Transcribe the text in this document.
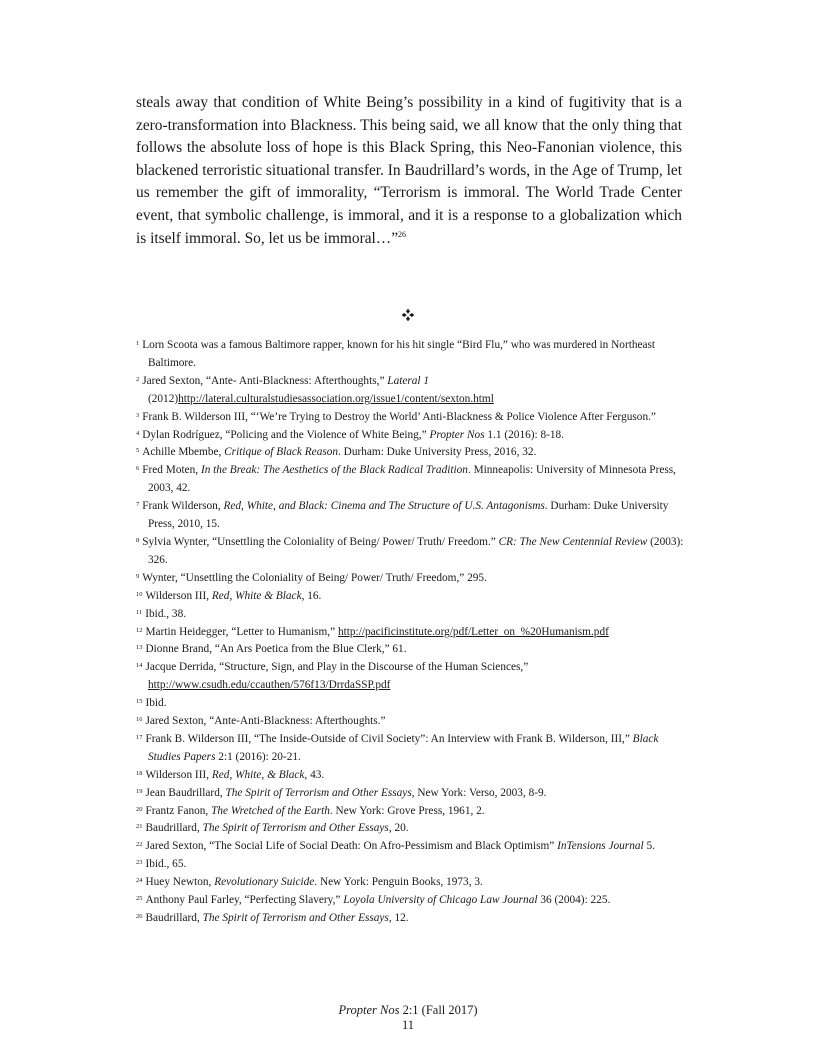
steals away that condition of White Being’s possibility in a kind of fugitivity that is a zero-transformation into Blackness. This being said, we all know that the only thing that follows the absolute loss of hope is this Black Spring, this Neo-Fanonian violence, this blackened terroristic situational transfer. In Baudrillard’s words, in the Age of Trump, let us remember the gift of immorality, “Terrorism is immoral. The World Trade Center event, that symbolic challenge, is immoral, and it is a response to a globalization which is itself immoral. So, let us be immoral…”$^{26}$

$^1$ Lorn Scoota was a famous Baltimore rapper, known for his hit single “Bird Flu,” who was murdered in Northeast Baltimore.

$^2$ Jared Sexton, “Ante- Anti-Blackness: Afterthoughts,” Lateral 1 (2012)http://lateral.culturalstudiesassociation.org/issue1/content/sexton.html

$^3$ Frank B. Wilderson III, “‘We’re Trying to Destroy the World’ Anti-Blackness & Police Violence After Ferguson.”

$^4$ Dylan Rodríguez, “Policing and the Violence of White Being,” Propter Nos 1.1 (2016): 8-18.

$^5$ Achille Mbembe, Critique of Black Reason. Durham: Duke University Press, 2016, 32.

$^6$ Fred Moten, In the Break: The Aesthetics of the Black Radical Tradition. Minneapolis: University of Minnesota Press, 2003, 42.

$^7$ Frank Wilderson, Red, White, and Black: Cinema and The Structure of U.S. Antagonisms. Durham: Duke University Press, 2010, 15.

$^8$ Sylvia Wynter, “Unsettling the Coloniality of Being/ Power/ Truth/ Freedom.” CR: The New Centennial Review (2003): 326.

$^9$ Wynter, “Unsettling the Coloniality of Being/ Power/ Truth/ Freedom,” 295.

$^{10}$ Wilderson III, Red, White & Black, 16.

$^{11}$ Ibid., 38.

$^{12}$ Martin Heidegger, “Letter to Humanism,” http://pacificinstitute.org/pdf/Letter_on_%20Humanism.pdf

$^{13}$ Dionne Brand, “An Ars Poetica from the Blue Clerk,” 61.

$^{14}$ Jacque Derrida, “Structure, Sign, and Play in the Discourse of the Human Sciences,” http://www.csudh.edu/ccauthen/576f13/DrrdaSSP.pdf

$^{15}$ Ibid.

$^{16}$ Jared Sexton, “Ante-Anti-Blackness: Afterthoughts.”

$^{17}$ Frank B. Wilderson III, “The Inside-Outside of Civil Society”: An Interview with Frank B. Wilderson, III,” Black Studies Papers 2:1 (2016): 20-21.

$^{18}$ Wilderson III, Red, White, & Black, 43.

$^{19}$ Jean Baudrillard, The Spirit of Terrorism and Other Essays, New York: Verso, 2003, 8-9.

$^{20}$ Frantz Fanon, The Wretched of the Earth. New York: Grove Press, 1961, 2.

$^{21}$ Baudrillard, The Spirit of Terrorism and Other Essays, 20.

$^{22}$ Jared Sexton, “The Social Life of Social Death: On Afro-Pessimism and Black Optimism” InTensions Journal 5.

$^{23}$ Ibid., 65.

$^{24}$ Huey Newton, Revolutionary Suicide. New York: Penguin Books, 1973, 3.

$^{25}$ Anthony Paul Farley, “Perfecting Slavery,” Loyola University of Chicago Law Journal 36 (2004): 225.

$^{26}$ Baudrillard, The Spirit of Terrorism and Other Essays, 12.

Propter Nos 2:1 (Fall 2017)
11
